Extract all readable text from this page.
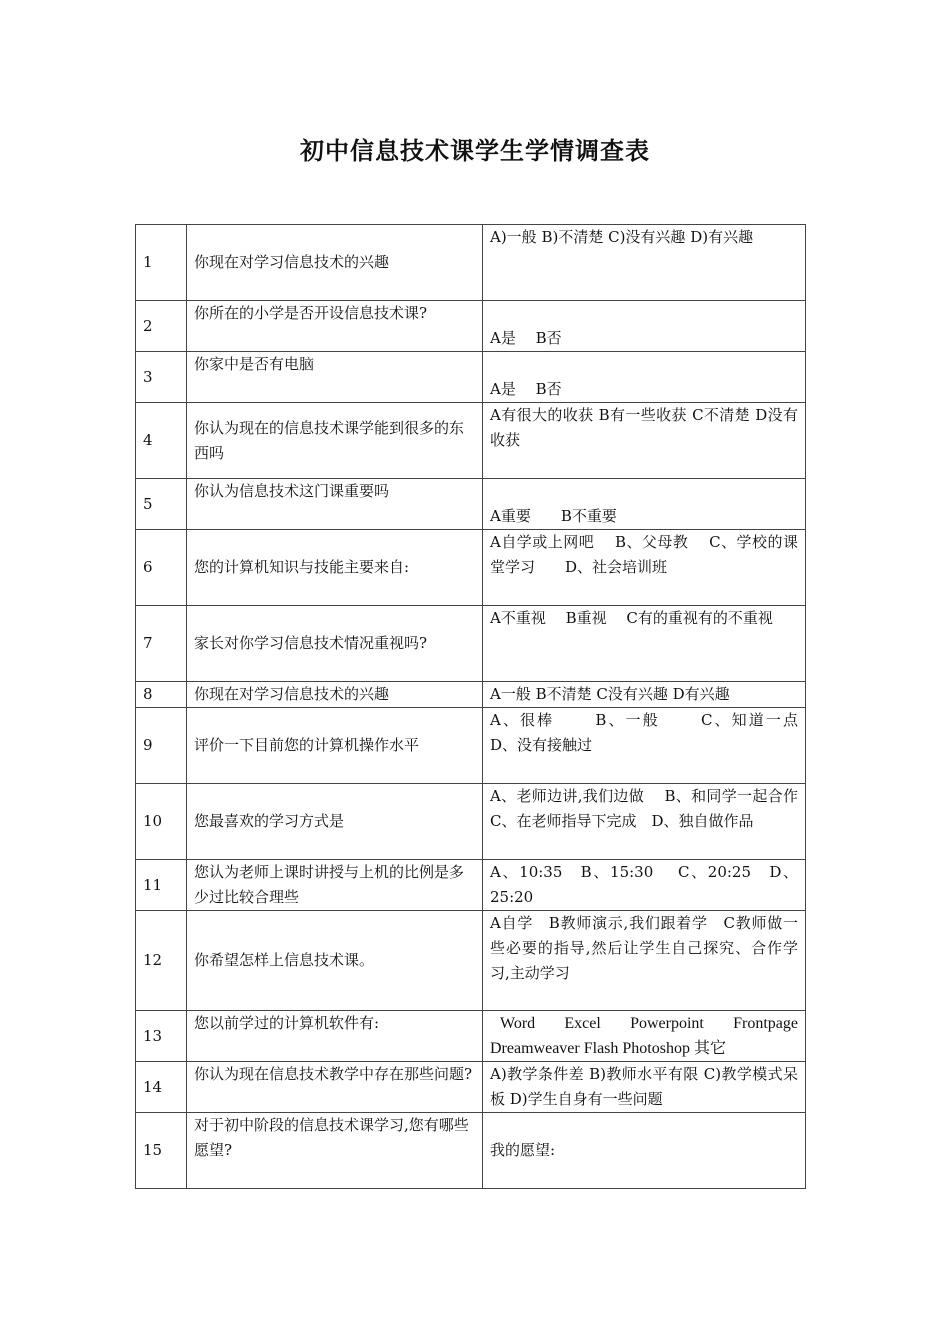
初中信息技术课学生学情调查表
1	你现在对学习信息技术的兴趣	A)一般 B)不清楚 C)没有兴趣 D)有兴趣
2	你所在的小学是否开设信息技术课?	A是　 B否
3	你家中是否有电脑	A是　 B否
4	你认为现在的信息技术课学能到很多的东西吗	A有很大的收获 B有一些收获 C不清楚 D没有收获
5	你认为信息技术这门课重要吗	A重要　　B不重要
6	您的计算机知识与技能主要来自:	A自学或上网吧　 B、父母教　 C、学校的课堂学习　　D、社会培训班
7	家长对你学习信息技术情况重视吗?	A不重视　 B重视　 C有的重视有的不重视
8	你现在对学习信息技术的兴趣	A一般 B不清楚 C没有兴趣 D有兴趣
9	评价一下目前您的计算机操作水平	A、很棒　　 B、一般　　 C、知道一点　D、没有接触过
10	您最喜欢的学习方式是	A、老师边讲,我们边做　 B、和同学一起合作　C、在老师指导下完成　D、独自做作品
11	您认为老师上课时讲授与上机的比例是多少过比较合理些	A、10:35　B、15:30　 C、20:25　D、25:20
12	你希望怎样上信息技术课。	A自学　B教师演示,我们跟着学　C教师做一些必要的指导,然后让学生自己探究、合作学习,主动学习
13	您以前学过的计算机软件有:	Word Excel Powerpoint Frontpage
Dreamweaver Flash Photoshop 其它

14	你认为现在信息技术教学中存在那些问题?	A)教学条件差 B)教师水平有限 C)教学模式呆板 D)学生自身有一些问题
15	对于初中阶段的信息技术课学习,您有哪些愿望?	我的愿望:
